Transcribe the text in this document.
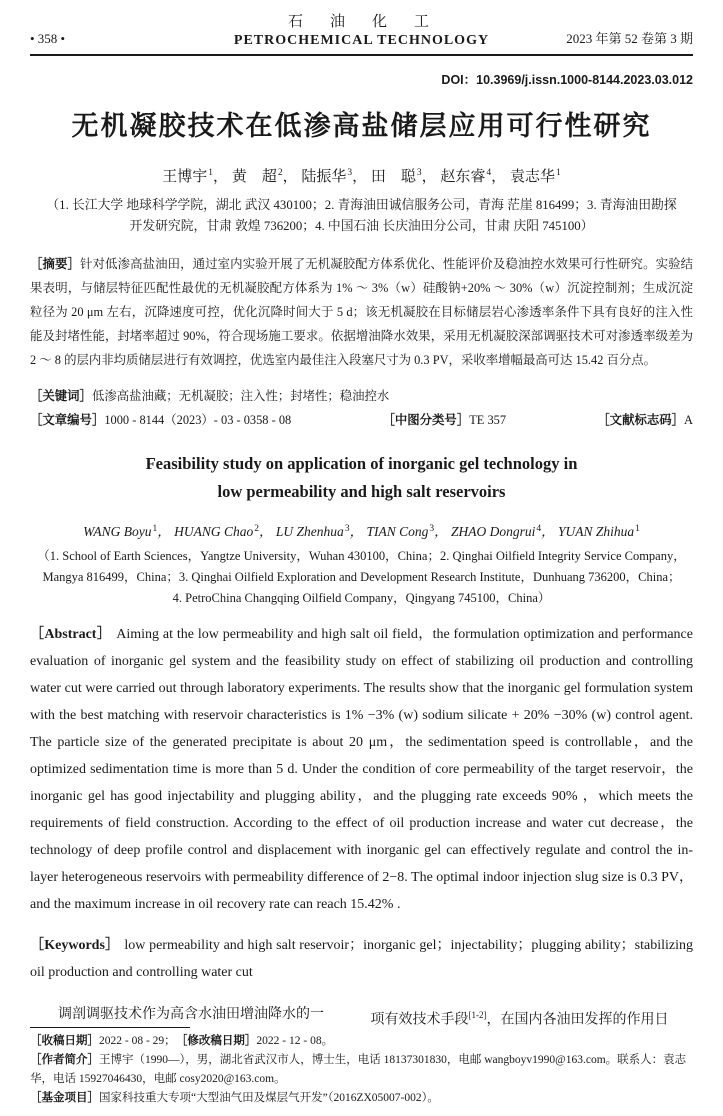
• 358 •
石　油　化　工
PETROCHEMICAL TECHNOLOGY	2023 年第 52 卷第 3 期
DOI：10.3969/j.issn.1000-8144.2023.03.012
无机凝胶技术在低渗高盐储层应用可行性研究
王博宇$^1$， 黄　超$^2$， 陆振华$^3$， 田　聪$^3$， 赵东睿$^4$， 袁志华$^1$
（1. 长江大学 地球科学学院，湖北 武汉 430100；2. 青海油田诚信服务公司，青海 茫崖 816499；3. 青海油田勘探
开发研究院，甘肃 敦煌 736200；4. 中国石油 长庆油田分公司，甘肃 庆阳 745100）

［摘要］针对低渗高盐油田，通过室内实验开展了无机凝胶配方体系优化、性能评价及稳油控水效果可行性研究。实验结果表明，与储层特征匹配性最优的无机凝胶配方体系为 1% ～ 3%（w）硅酸钠+20% ～ 30%（w）沉淀控制剂；生成沉淀粒径为 20 μm 左右，沉降速度可控，优化沉降时间大于 5 d；该无机凝胶在目标储层岩心渗透率条件下具有良好的注入性能及封堵性能，封堵率超过 90%，符合现场施工要求。依据增油降水效果，采用无机凝胶深部调驱技术可对渗透率级差为 2 ～ 8 的层内非均质储层进行有效调控，优选室内最佳注入段塞尺寸为 0.3 PV，采收率增幅最高可达 15.42 百分点。

［关键词］低渗高盐油藏；无机凝胶；注入性；封堵性；稳油控水
［文章编号］1000 - 8144（2023）- 03 - 0358 - 08	［中图分类号］TE 357	［文献标志码］A
Feasibility study on application of inorganic gel technology in
low permeability and high salt reservoirs
WANG Boyu$^1$， HUANG Chao$^2$， LU Zhenhua$^3$， TIAN Cong$^3$， ZHAO Dongrui$^4$， YUAN Zhihua$^1$
（1. School of Earth Sciences，Yangtze University，Wuhan 430100，China；2. Qinghai Oilfield Integrity Service Company，
Mangya 816499，China；3. Qinghai Oilfield Exploration and Development Research Institute，Dunhuang 736200，China；
4. PetroChina Changqing Oilfield Company，Qingyang 745100，China）

［Abstract］ Aiming at the low permeability and high salt oil field，the formulation optimization and performance evaluation of inorganic gel system and the feasibility study on effect of stabilizing oil production and controlling water cut were carried out through laboratory experiments. The results show that the inorganic gel formulation system with the best matching with reservoir characteristics is 1% −3% (w) sodium silicate + 20% −30% (w) control agent. The particle size of the generated precipitate is about 20 μm，the sedimentation speed is controllable，and the optimized sedimentation time is more than 5 d. Under the condition of core permeability of the target reservoir，the inorganic gel has good injectability and plugging ability，and the plugging rate exceeds 90% ，which meets the requirements of field construction. According to the effect of oil production increase and water cut decrease，the technology of deep profile control and displacement with inorganic gel can effectively regulate and control the in-layer heterogeneous reservoirs with permeability difference of 2−8. The optimal indoor injection slug size is 0.3 PV，and the maximum increase in oil recovery rate can reach 15.42% .

［Keywords］ low permeability and high salt reservoir；inorganic gel；injectability；plugging ability；stabilizing oil production and controlling water cut

调剖调驱技术作为高含水油田增油降水的一	项有效技术手段[1-2]，在国内各油田发挥的作用日

［收稿日期］2022 - 08 - 29； ［修改稿日期］2022 - 12 - 08。

［作者简介］王博宇（1990—），男，湖北省武汉市人，博士生，电话 18137301830，电邮 wangboyv1990@163.com。联系人：袁志华，电话 15927046430，电邮 cosy2020@163.com。

［基金项目］国家科技重大专项“大型油气田及煤层气开发”（2016ZX05007-002）。
